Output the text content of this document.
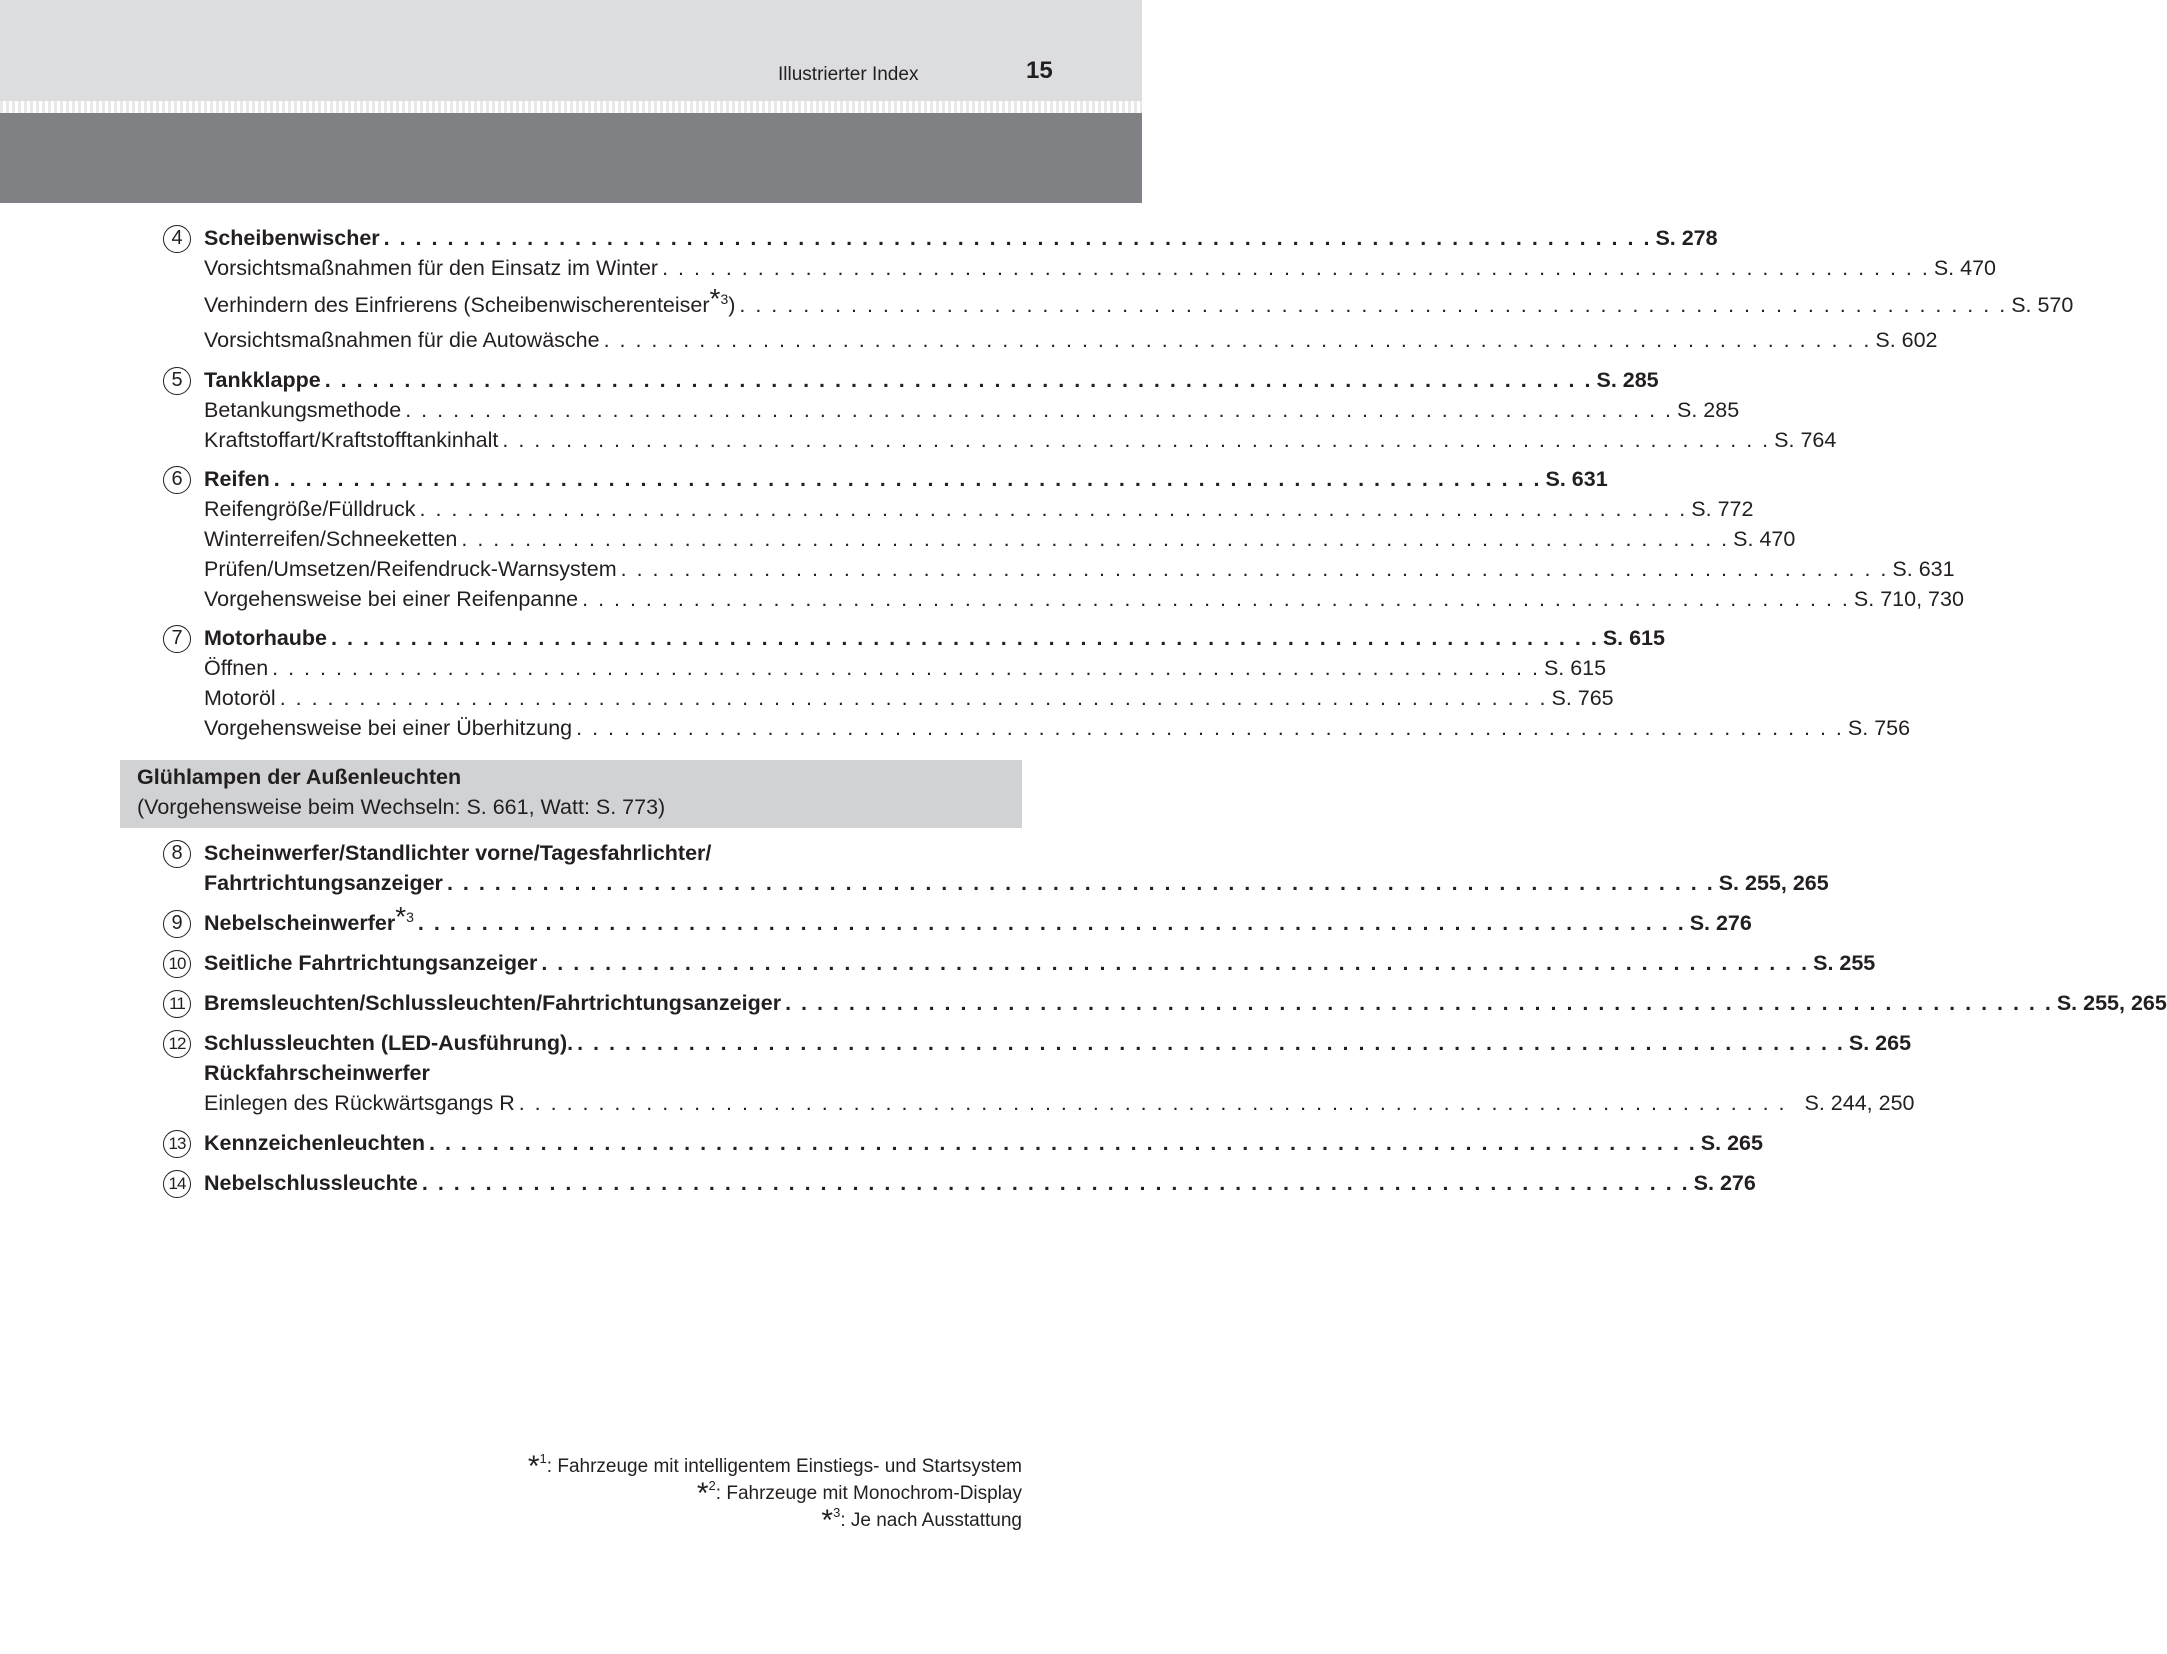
Illustrierter Index	15
4 Scheibenwischer . . . . . . . . . . . . . . . . . . . . . . . . . . . . . . . . . . . . . . . . . . . . . . . . . . . . . . . . . . . . . . . . . . . . . . . . . . . . . . . . S. 278
Vorsichtsmaßnahmen für den Einsatz im Winter . . . . . . . . . . . . . . . . . . . . . . . . . . . . . . . . . . . . . . . . . . . . . . . . . . . . . . . . . . . . . . . . . . . . . . . . . . . . . . . . S. 470
Verhindern des Einfrierens (Scheibenwischerenteiser*$^3$) . . . . . . . . . . . . . . . . . . . . . . . . . . . . . . . . . . . . . . . . . . . . . . . . . . . . . . . . . . . . . . . . . . . . . . . . . . . . . . . . S. 570
Vorsichtsmaßnahmen für die Autowäsche . . . . . . . . . . . . . . . . . . . . . . . . . . . . . . . . . . . . . . . . . . . . . . . . . . . . . . . . . . . . . . . . . . . . . . . . . . . . . . . . S. 602
5 Tankklappe . . . . . . . . . . . . . . . . . . . . . . . . . . . . . . . . . . . . . . . . . . . . . . . . . . . . . . . . . . . . . . . . . . . . . . . . . . . . . . . . S. 285
Betankungsmethode . . . . . . . . . . . . . . . . . . . . . . . . . . . . . . . . . . . . . . . . . . . . . . . . . . . . . . . . . . . . . . . . . . . . . . . . . . . . . . . . S. 285
Kraftstoffart/Kraftstofftankinhalt . . . . . . . . . . . . . . . . . . . . . . . . . . . . . . . . . . . . . . . . . . . . . . . . . . . . . . . . . . . . . . . . . . . . . . . . . . . . . . . . S. 764
6 Reifen . . . . . . . . . . . . . . . . . . . . . . . . . . . . . . . . . . . . . . . . . . . . . . . . . . . . . . . . . . . . . . . . . . . . . . . . . . . . . . . . S. 631
Reifengröße/Fülldruck . . . . . . . . . . . . . . . . . . . . . . . . . . . . . . . . . . . . . . . . . . . . . . . . . . . . . . . . . . . . . . . . . . . . . . . . . . . . . . . . S. 772
Winterreifen/Schneeketten . . . . . . . . . . . . . . . . . . . . . . . . . . . . . . . . . . . . . . . . . . . . . . . . . . . . . . . . . . . . . . . . . . . . . . . . . . . . . . . . S. 470
Prüfen/Umsetzen/Reifendruck-Warnsystem . . . . . . . . . . . . . . . . . . . . . . . . . . . . . . . . . . . . . . . . . . . . . . . . . . . . . . . . . . . . . . . . . . . . . . . . . . . . . . . . S. 631
Vorgehensweise bei einer Reifenpanne . . . . . . . . . . . . . . . . . . . . . . . . . . . . . . . . . . . . . . . . . . . . . . . . . . . . . . . . . . . . . . . . . . . . . . . . . . . . . . . . S. 710, 730
7 Motorhaube . . . . . . . . . . . . . . . . . . . . . . . . . . . . . . . . . . . . . . . . . . . . . . . . . . . . . . . . . . . . . . . . . . . . . . . . . . . . . . . . S. 615
Öffnen . . . . . . . . . . . . . . . . . . . . . . . . . . . . . . . . . . . . . . . . . . . . . . . . . . . . . . . . . . . . . . . . . . . . . . . . . . . . . . . . S. 615
Motoröl . . . . . . . . . . . . . . . . . . . . . . . . . . . . . . . . . . . . . . . . . . . . . . . . . . . . . . . . . . . . . . . . . . . . . . . . . . . . . . . . S. 765
Vorgehensweise bei einer Überhitzung . . . . . . . . . . . . . . . . . . . . . . . . . . . . . . . . . . . . . . . . . . . . . . . . . . . . . . . . . . . . . . . . . . . . . . . . . . . . . . . . S. 756
Glühlampen der Außenleuchten
(Vorgehensweise beim Wechseln: S. 661, Watt: S. 773)
8 Scheinwerfer/Standlichter vorne/Tagesfahrlichter/
Fahrtrichtungsanzeiger . . . . . . . . . . . . . . . . . . . . . . . . . . . . . . . . . . . . . . . . . . . . . . . . . . . . . . . . . . . . . . . . . . . . . . . . . . . . . . . . S. 255, 265
9 Nebelscheinwerfer*$^3$ . . . . . . . . . . . . . . . . . . . . . . . . . . . . . . . . . . . . . . . . . . . . . . . . . . . . . . . . . . . . . . . . . . . . . . . . . . . . . . . . S. 276
10 Seitliche Fahrtrichtungsanzeiger . . . . . . . . . . . . . . . . . . . . . . . . . . . . . . . . . . . . . . . . . . . . . . . . . . . . . . . . . . . . . . . . . . . . . . . . . . . . . . . . S. 255
11 Bremsleuchten/Schlussleuchten/Fahrtrichtungsanzeiger . . . . . . . . . . . . . . . . . . . . . . . . . . . . . . . . . . . . . . . . . . . . . . . . . . . . . . . . . . . . . . . . . . . . . . . . . . . . . . . . S. 255, 265
12 Schlussleuchten (LED-Ausführung). . . . . . . . . . . . . . . . . . . . . . . . . . . . . . . . . . . . . . . . . . . . . . . . . . . . . . . . . . . . . . . . . . . . . . . . . . . . . . . . . S. 265
Rückfahrscheinwerfer
Einlegen des Rückwärtsgangs R . . . . . . . . . . . . . . . . . . . . . . . . . . . . . . . . . . . . . . . . . . . . . . . . . . . . . . . . . . . . . . . . . . . . . . . . . . . . . . . . S. 244, 250
13 Kennzeichenleuchten . . . . . . . . . . . . . . . . . . . . . . . . . . . . . . . . . . . . . . . . . . . . . . . . . . . . . . . . . . . . . . . . . . . . . . . . . . . . . . . . S. 265
14 Nebelschlussleuchte . . . . . . . . . . . . . . . . . . . . . . . . . . . . . . . . . . . . . . . . . . . . . . . . . . . . . . . . . . . . . . . . . . . . . . . . . . . . . . . . S. 276
*$^1$: Fahrzeuge mit intelligentem Einstiegs- und Startsystem
*$^2$: Fahrzeuge mit Monochrom-Display
*$^3$: Je nach Ausstattung
